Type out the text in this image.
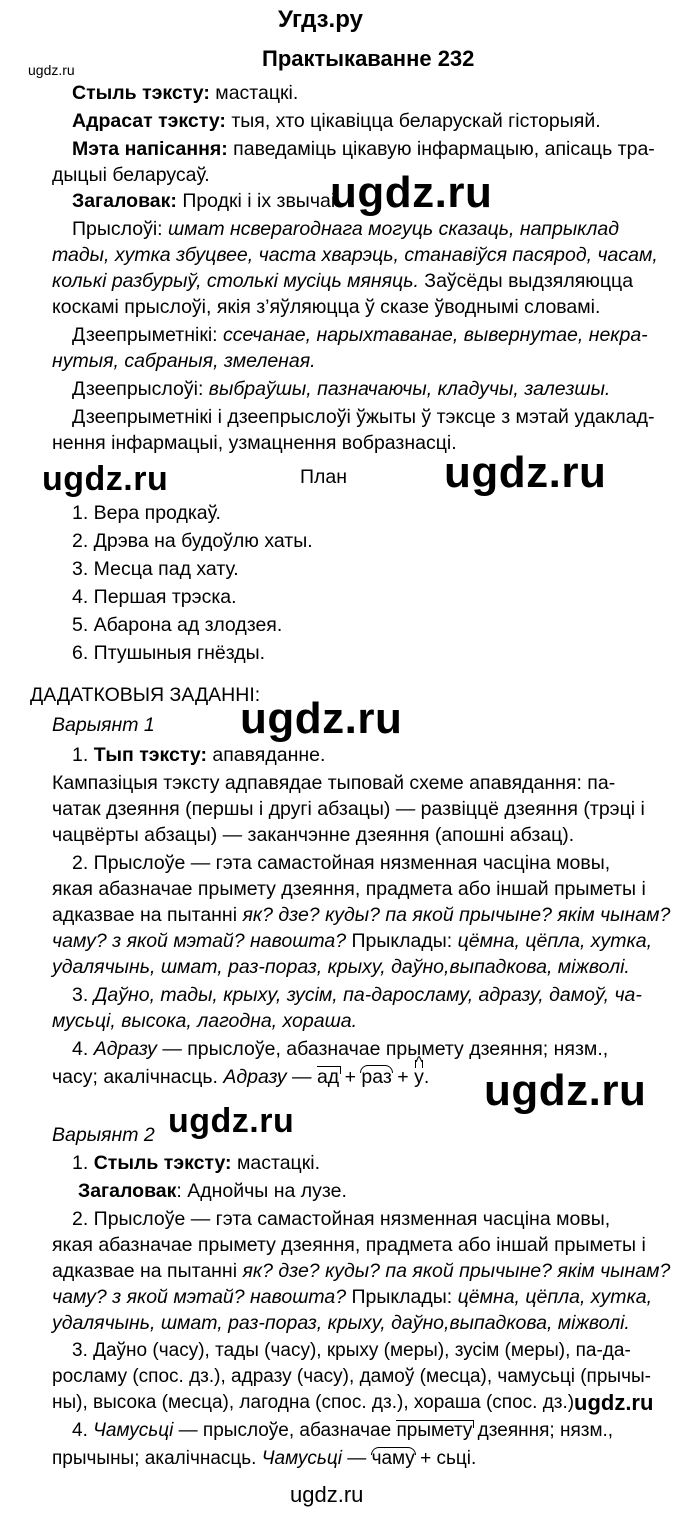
Угдз.ру
Практыкаванне 232
ugdz.ru
Стыль тэксту: мастацкі.
Адрасат тэксту: тыя, хто цікавіцца беларускай гісторыяй.
Мэта напісання: паведаміць цікавую інфармацыю, апісаць тра-
дыцыі беларусаў.
Загаловак: Продкі і іх звычаі.
ugdz.ru
Прыслоўі: шмат нсвераrоднага могуць сказаць, напрыклад
тады, хутка збуцвее, часта хварэць, станавіўся пасярод, часам,
колькі разбурыў, столькі мусіць мяняць. Заўсёды выдзяляюцца
коскамі прыслоўі, якія з’яўляюцца ў сказе ўводнымі словамі.
Дзеепрыметнікі: ссечанае, нарыхтаванае, вывернутае, некра-
нутыя, сабраныя, змеленая.
Дзеепрыслоўі: выбраўшы, пазначаючы, кладучы, залезшы.
Дзеепрыметнікі і дзеепрыслоўі ўжыты ў тэксце з мэтай удаклад-
нення інфармацыі, узмацнення вобразнасці.
ugdz.ru	План ugdz.ru
1. Вера продкаў.
2. Дрэва на будоўлю хаты.
3. Месца пад хату.
4. Першая трэска.
5. Абарона ад злодзея.
6. Птушыныя гнёзды.
ДАДАТКОВЫЯ ЗАДАННІ:
Варыянт 1	ugdz.ru
1. Тып тэксту: апавяданне.
Кампазіцыя тэксту адпавядае тыповай схеме апавядання: па-
чатак дзеяння (першы і другі абзацы) — развіццё дзеяння (трэці і
чацвёрты абзацы) — заканчэнне дзеяння (апошні абзац).
2. Прыслоўе — гэта самастойная нязменная часціна мовы,
якая абазначае прымету дзеяння, прадмета або іншай прыметы і
адказвае на пытанні як? дзе? куды? па якой прычыне? якім чынам?
чаму? з якой мэтай? навошта? Прыклады: цёмна, цёпла, хутка,
удалячынь, шмат, раз-пораз, крыху, даўно,выпадкова, міжволі.
3. Даўно, тады, крыху, зусім, па-даросламу, адразу, дамоў, ча-
мусьці, высока, лагодна, хораша.
4. Адразу — прыслоўе, абазначае прымету дзеяння; нязм.,
часу; акалічнасць. Адразу — ад + раз + у ^.	ugdz.ru
Варыянт 2 ugdz.ru
1. Стыль тэксту: мастацкі.
Загаловак: Аднойчы на лузе.
2. Прыслоўе — гэта самастойная нязменная часціна мовы,
якая абазначае прымету дзеяння, прадмета або іншай прыметы і
адказвае на пытанні як? дзе? куды? па якой прычыне? якім чынам?
чаму? з якой мэтай? навошта? Прыклады: цёмна, цёпла, хутка,
удалячынь, шмат, раз-пораз, крыху, даўно,выпадкова, міжволі.
3. Даўно (часу), тады (часу), крыху (меры), зусім (меры), па-да-
росламу (спос. дз.), адразу (часу), дамоў (месца), чамусьці (прычы-
ны), высока (месца), лагодна (спос. дз.), хораша (спос. дз.).
ugdz.ru
4. Чамусьці — прыслоўе, абазначае прымету дзеяння; нязм.,
прычыны; акалічнасць. Чамусьці — чаму + сьці.
ugdz.ru
